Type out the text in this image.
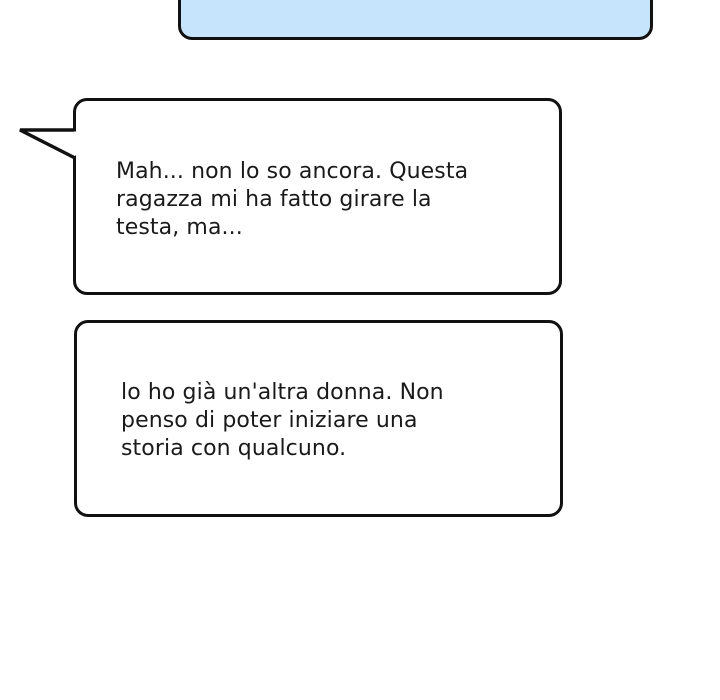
Mah... non lo so ancora. Questa
ragazza mi ha fatto girare la
testa, ma...

lo ho già un'altra donna. Non
penso di poter iniziare una
storia con qualcuno.
